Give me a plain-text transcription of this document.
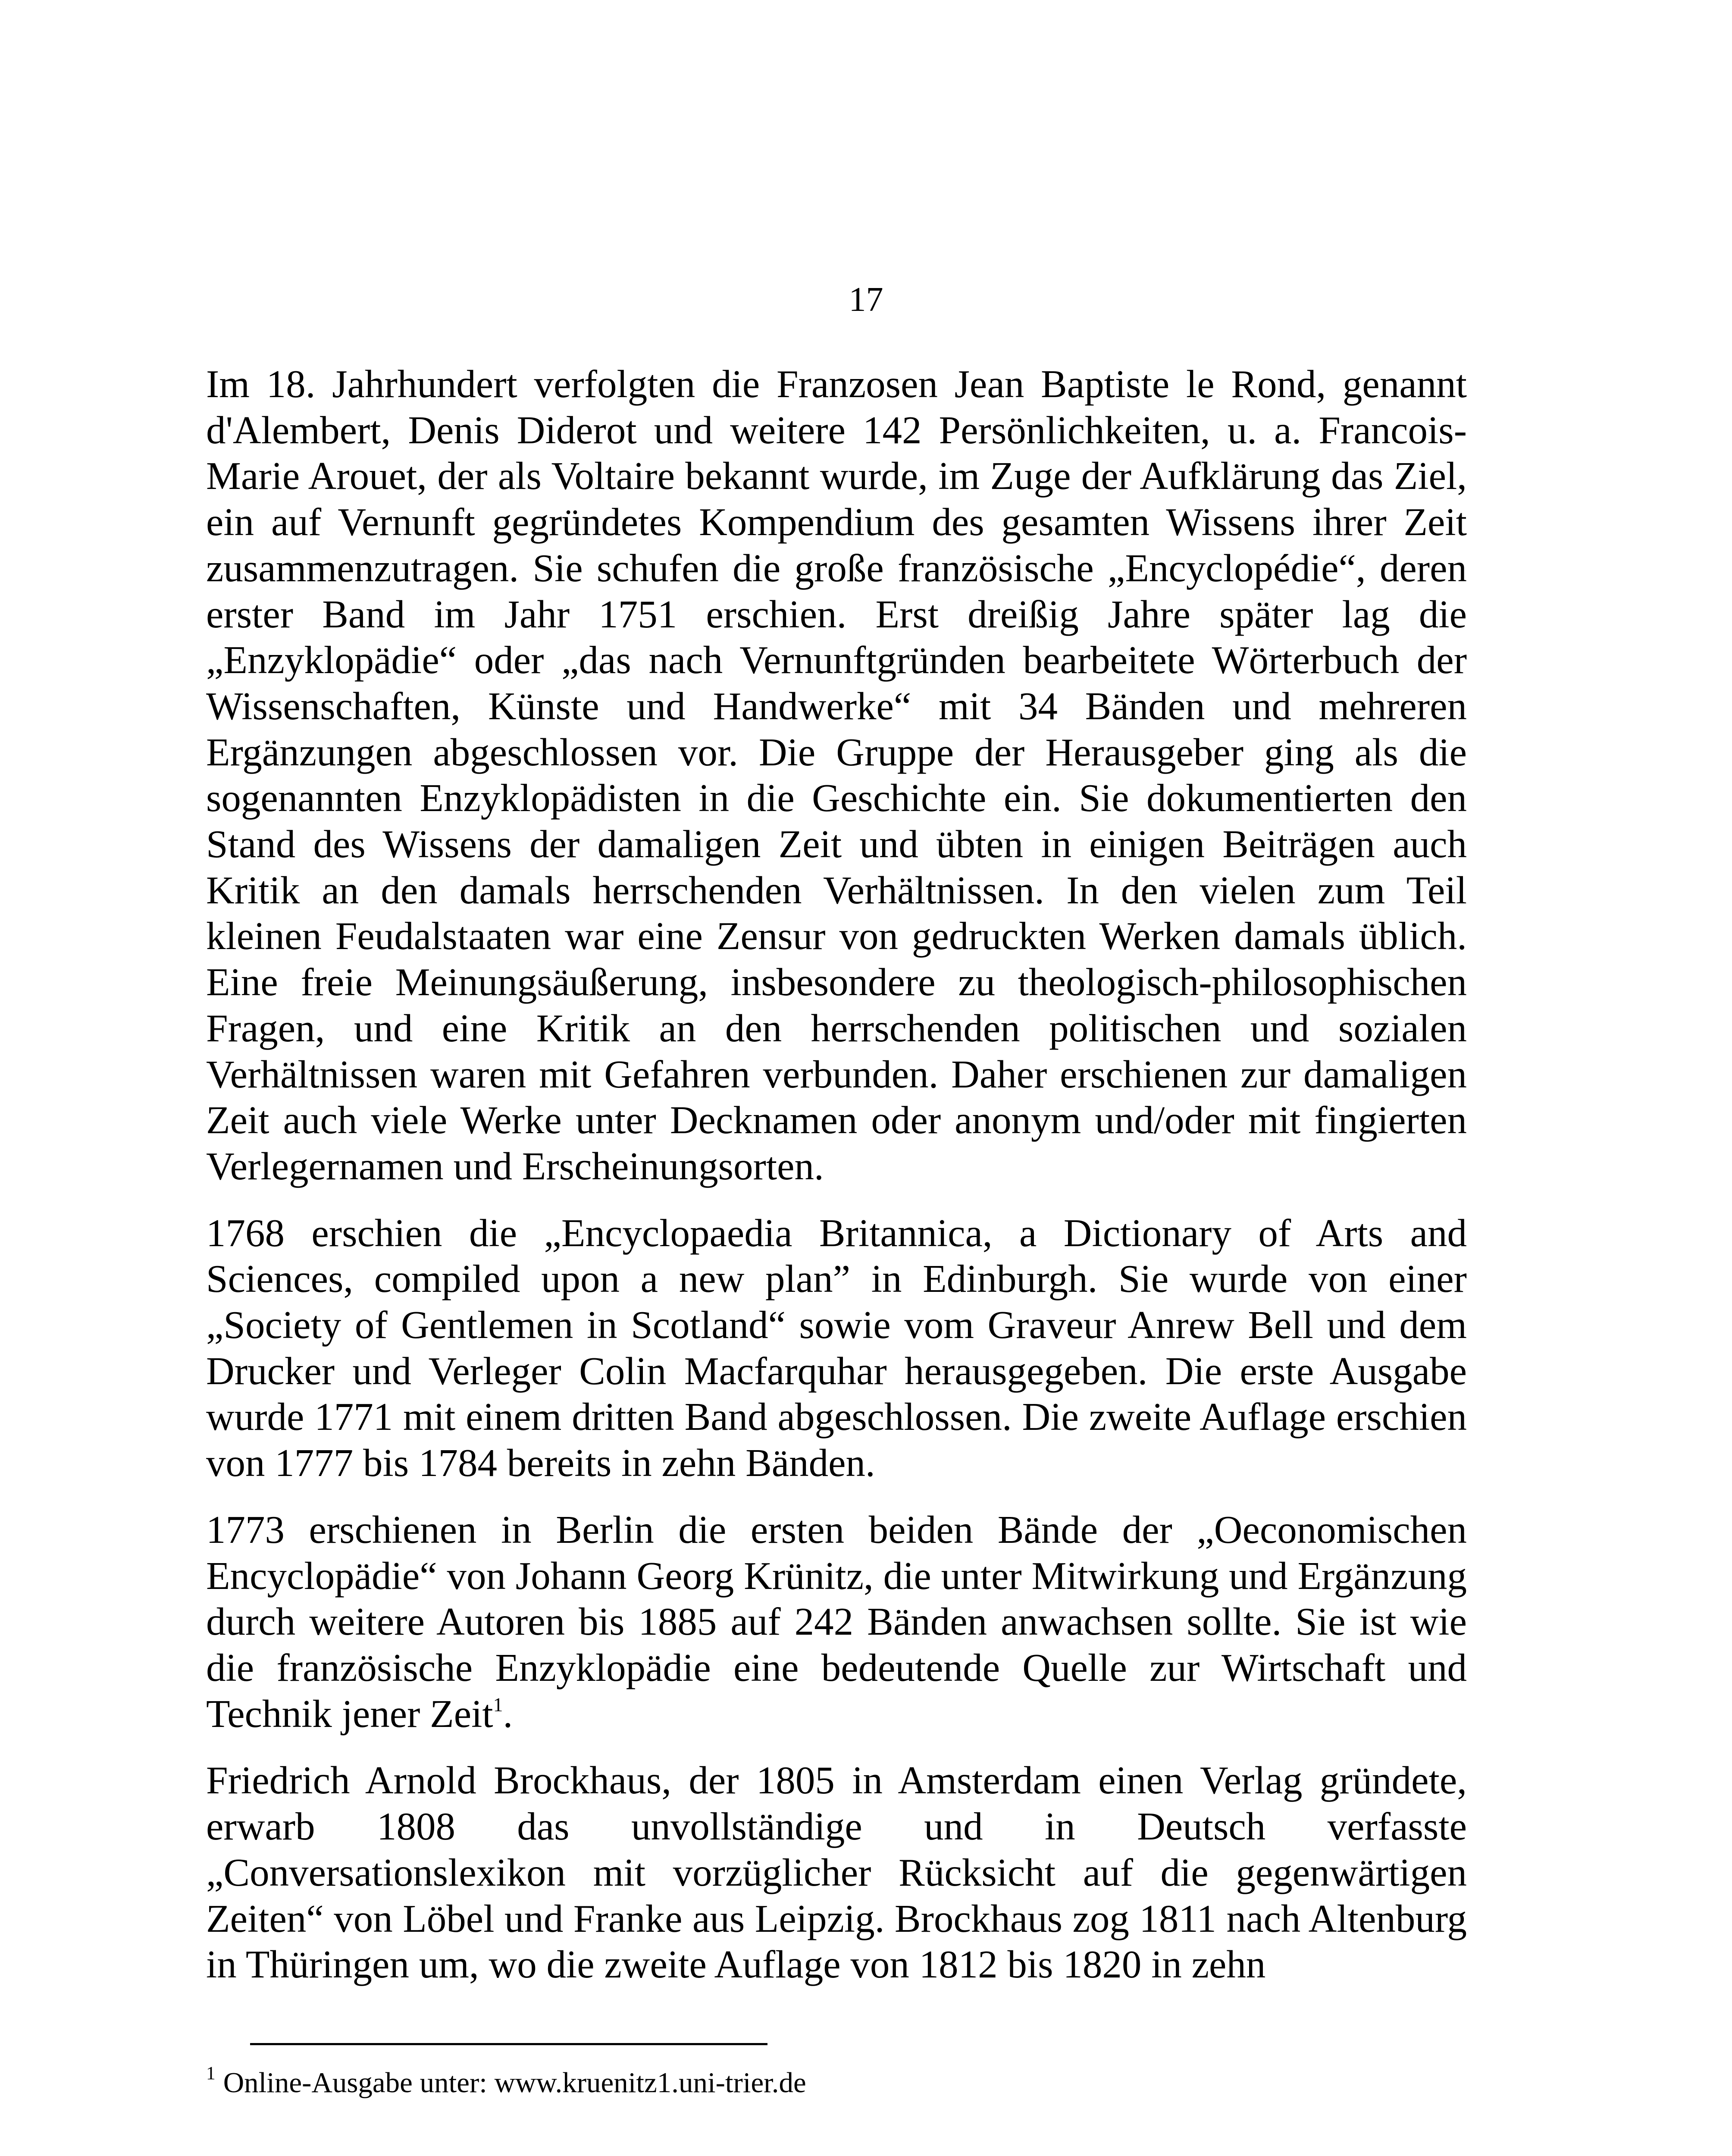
17

Im 18. Jahrhundert verfolgten die Franzosen Jean Baptiste le Rond, genannt d'Alembert, Denis Diderot und weitere 142 Persönlichkeiten, u. a. Francois-Marie Arouet, der als Voltaire bekannt wurde, im Zuge der Aufklärung das Ziel, ein auf Vernunft gegründetes Kompendium des gesamten Wissens ihrer Zeit zusammenzutragen. Sie schufen die große französische „Encyclopédie“, deren erster Band im Jahr 1751 erschien. Erst dreißig Jahre später lag die „Enzyklopädie“ oder „das nach Vernunftgründen bearbeitete Wörterbuch der Wissenschaften, Künste und Handwerke“ mit 34 Bänden und mehreren Ergänzungen abgeschlossen vor. Die Gruppe der Herausgeber ging als die sogenannten Enzyklopädisten in die Geschichte ein. Sie dokumentierten den Stand des Wissens der damaligen Zeit und übten in einigen Beiträgen auch Kritik an den damals herrschenden Verhältnissen. In den vielen zum Teil kleinen Feudalstaaten war eine Zensur von gedruckten Werken damals üblich. Eine freie Meinungsäußerung, insbesondere zu theologisch-philosophischen Fragen, und eine Kritik an den herrschenden politischen und sozialen Verhältnissen waren mit Gefahren verbunden. Daher erschienen zur damaligen Zeit auch viele Werke unter Decknamen oder anonym und/oder mit fingierten Verlegernamen und Erscheinungsorten.

1768 erschien die „Encyclopaedia Britannica, a Dictionary of Arts and Sciences, compiled upon a new plan” in Edinburgh. Sie wurde von einer „Society of Gentlemen in Scotland“ sowie vom Graveur Anrew Bell und dem Drucker und Verleger Colin Macfarquhar herausgegeben. Die erste Ausgabe wurde 1771 mit einem dritten Band abgeschlossen. Die zweite Auflage erschien von 1777 bis 1784 bereits in zehn Bänden.

1773 erschienen in Berlin die ersten beiden Bände der „Oeconomischen Encyclopädie“ von Johann Georg Krünitz, die unter Mitwirkung und Ergänzung durch weitere Autoren bis 1885 auf 242 Bänden anwachsen sollte. Sie ist wie die französische Enzyklopädie eine bedeutende Quelle zur Wirtschaft und Technik jener Zeit$^1$.

Friedrich Arnold Brockhaus, der 1805 in Amsterdam einen Verlag gründete, erwarb 1808 das unvollständige und in Deutsch verfasste „Conversationslexikon mit vorzüglicher Rücksicht auf die gegenwärtigen Zeiten“ von Löbel und Franke aus Leipzig. Brockhaus zog 1811 nach Altenburg in Thüringen um, wo die zweite Auflage von 1812 bis 1820 in zehn

$^1$ Online-Ausgabe unter: www.kruenitz1.uni-trier.de
